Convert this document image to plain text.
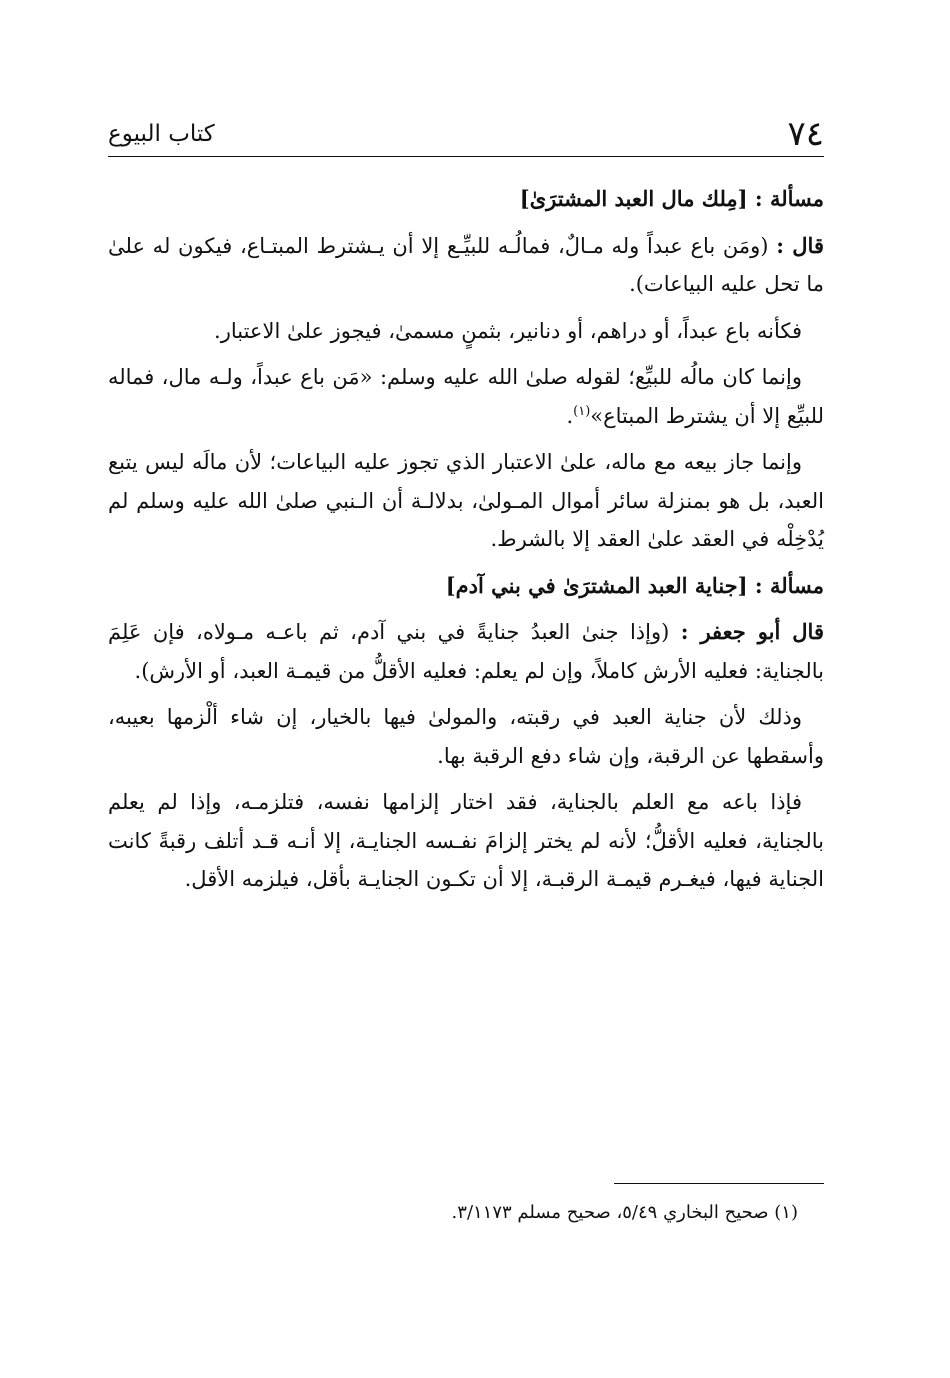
٧٤
كتاب البيوع

مسألة : [مِلك مال العبد المشترَىٰ]

قال : (ومَن باع عبداً وله مـالٌ، فمالُـه للبيِّـع إلا أن يـشترط المبتـاع، فيكون له علىٰ ما تحل عليه البياعات).

فكأنه باع عبداً، أو دراهم، أو دنانير، بثمنٍ مسمىٰ، فيجوز علىٰ الاعتبار.

وإنما كان مالُه للبيِّع؛ لقوله صلىٰ الله عليه وسلم: «مَن باع عبداً، ولـه مال، فماله للبيِّع إلا أن يشترط المبتاع»$^{(١)}$.

وإنما جاز بيعه مع ماله، علىٰ الاعتبار الذي تجوز عليه البياعات؛ لأن مالَه ليس يتبع العبد، بل هو بمنزلة سائر أموال المـولىٰ، بدلالـة أن الـنبي صلىٰ الله عليه وسلم لم يُدْخِلْه في العقد علىٰ العقد إلا بالشرط.

مسألة : [جناية العبد المشترَىٰ في بني آدم]

قال أبو جعفر : (وإذا جنىٰ العبدُ جنايةً في بني آدم، ثم باعـه مـولاه، فإن عَلِمَ بالجناية: فعليه الأرش كاملاً، وإن لم يعلم: فعليه الأقلُّ من قيمـة العبد، أو الأرش).

وذلك لأن جناية العبد في رقبته، والمولىٰ فيها بالخيار، إن شاء ألْزمها بعيبه، وأسقطها عن الرقبة، وإن شاء دفع الرقبة بها.

فإذا باعه مع العلم بالجناية، فقد اختار إلزامها نفسه، فتلزمـه، وإذا لم يعلم بالجناية، فعليه الأقلُّ؛ لأنه لم يختر إلزامَ نفـسه الجنايـة، إلا أنـه قـد أتلف رقبةً كانت الجناية فيها، فيغـرم قيمـة الرقبـة، إلا أن تكـون الجنايـة بأقل، فيلزمه الأقل.

(١) صحيح البخاري ٥/٤٩، صحيح مسلم ٣/١١٧٣.
